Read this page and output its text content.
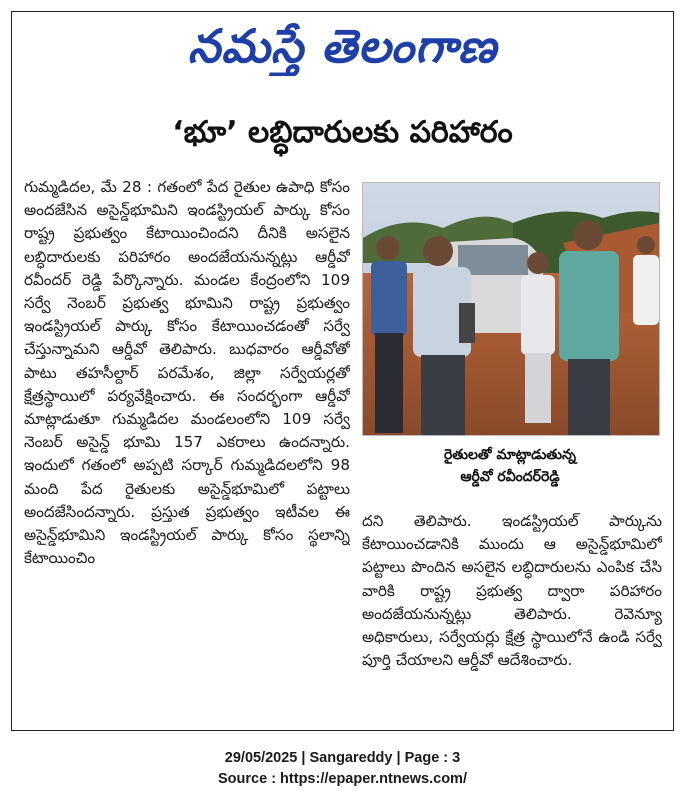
నమస్తే తెలంగాణ
‘భూ’ లబ్ధిదారులకు పరిహారం

గుమ్మడిదల, మే 28 : గతంలో పేద రైతుల ఉపాధి కోసం అందజేసిన అసైన్డ్‌భూమిని ఇండస్ట్రియల్ పార్కు కోసం రాష్ట్ర ప్రభుత్వం కేటాయించిందని దీనికి అసలైన లబ్ధిదారులకు పరిహారం అందజేయనున్నట్లు ఆర్డీవో రవీందర్ రెడ్డి పేర్కొన్నారు. మండల కేంద్రంలోని 109 సర్వే నెంబర్ ప్రభుత్వ భూమిని రాష్ట్ర ప్రభుత్వం ఇండస్ట్రియల్ పార్కు కోసం కేటాయించడంతో సర్వే చేస్తున్నామని ఆర్డీవో తెలిపారు. బుధవారం ఆర్డీవోతో పాటు తహసీల్దార్ పరమేశం, జిల్లా సర్వేయర్లతో క్షేత్రస్థాయిలో పర్యవేక్షించారు. ఈ సందర్భంగా ఆర్డీవో మాట్లాడుతూ గుమ్మడిదల మండలంలోని 109 సర్వే నెంబర్ అసైన్డ్ భూమి 157 ఎకరాలు ఉందన్నారు. ఇందులో గతంలో అప్పటి సర్కార్ గుమ్మడిదలలోని 98 మంది పేద రైతులకు అసైన్డ్‌భూమిలో పట్టాలు అందజేసిందన్నారు. ప్రస్తుత ప్రభుత్వం ఇటీవల ఈ అసైన్డ్‌భూమిని ఇండస్ట్రియల్ పార్కు కోసం స్థలాన్ని కేటాయించిం

రైతులతో మాట్లాడుతున్న
ఆర్డీవో రవీందర్‌రెడ్డి

దని తెలిపారు. ఇండస్ట్రియల్ పార్కును కేటాయించడానికి ముందు ఆ అసైన్డ్‌భూమిలో పట్టాలు పొందిన అసలైన లబ్ధిదారులను ఎంపిక చేసి వారికి రాష్ట్ర ప్రభుత్వ ద్వారా పరిహారం అందజేయనున్నట్లు తెలిపారు. రెవెన్యూ అధికారులు, సర్వేయర్లు క్షేత్ర స్థాయిలోనే ఉండి సర్వే పూర్తి చేయాలని ఆర్డీవో ఆదేశించారు.

29/05/2025 | Sangareddy | Page : 3
Source : https://epaper.ntnews.com/
